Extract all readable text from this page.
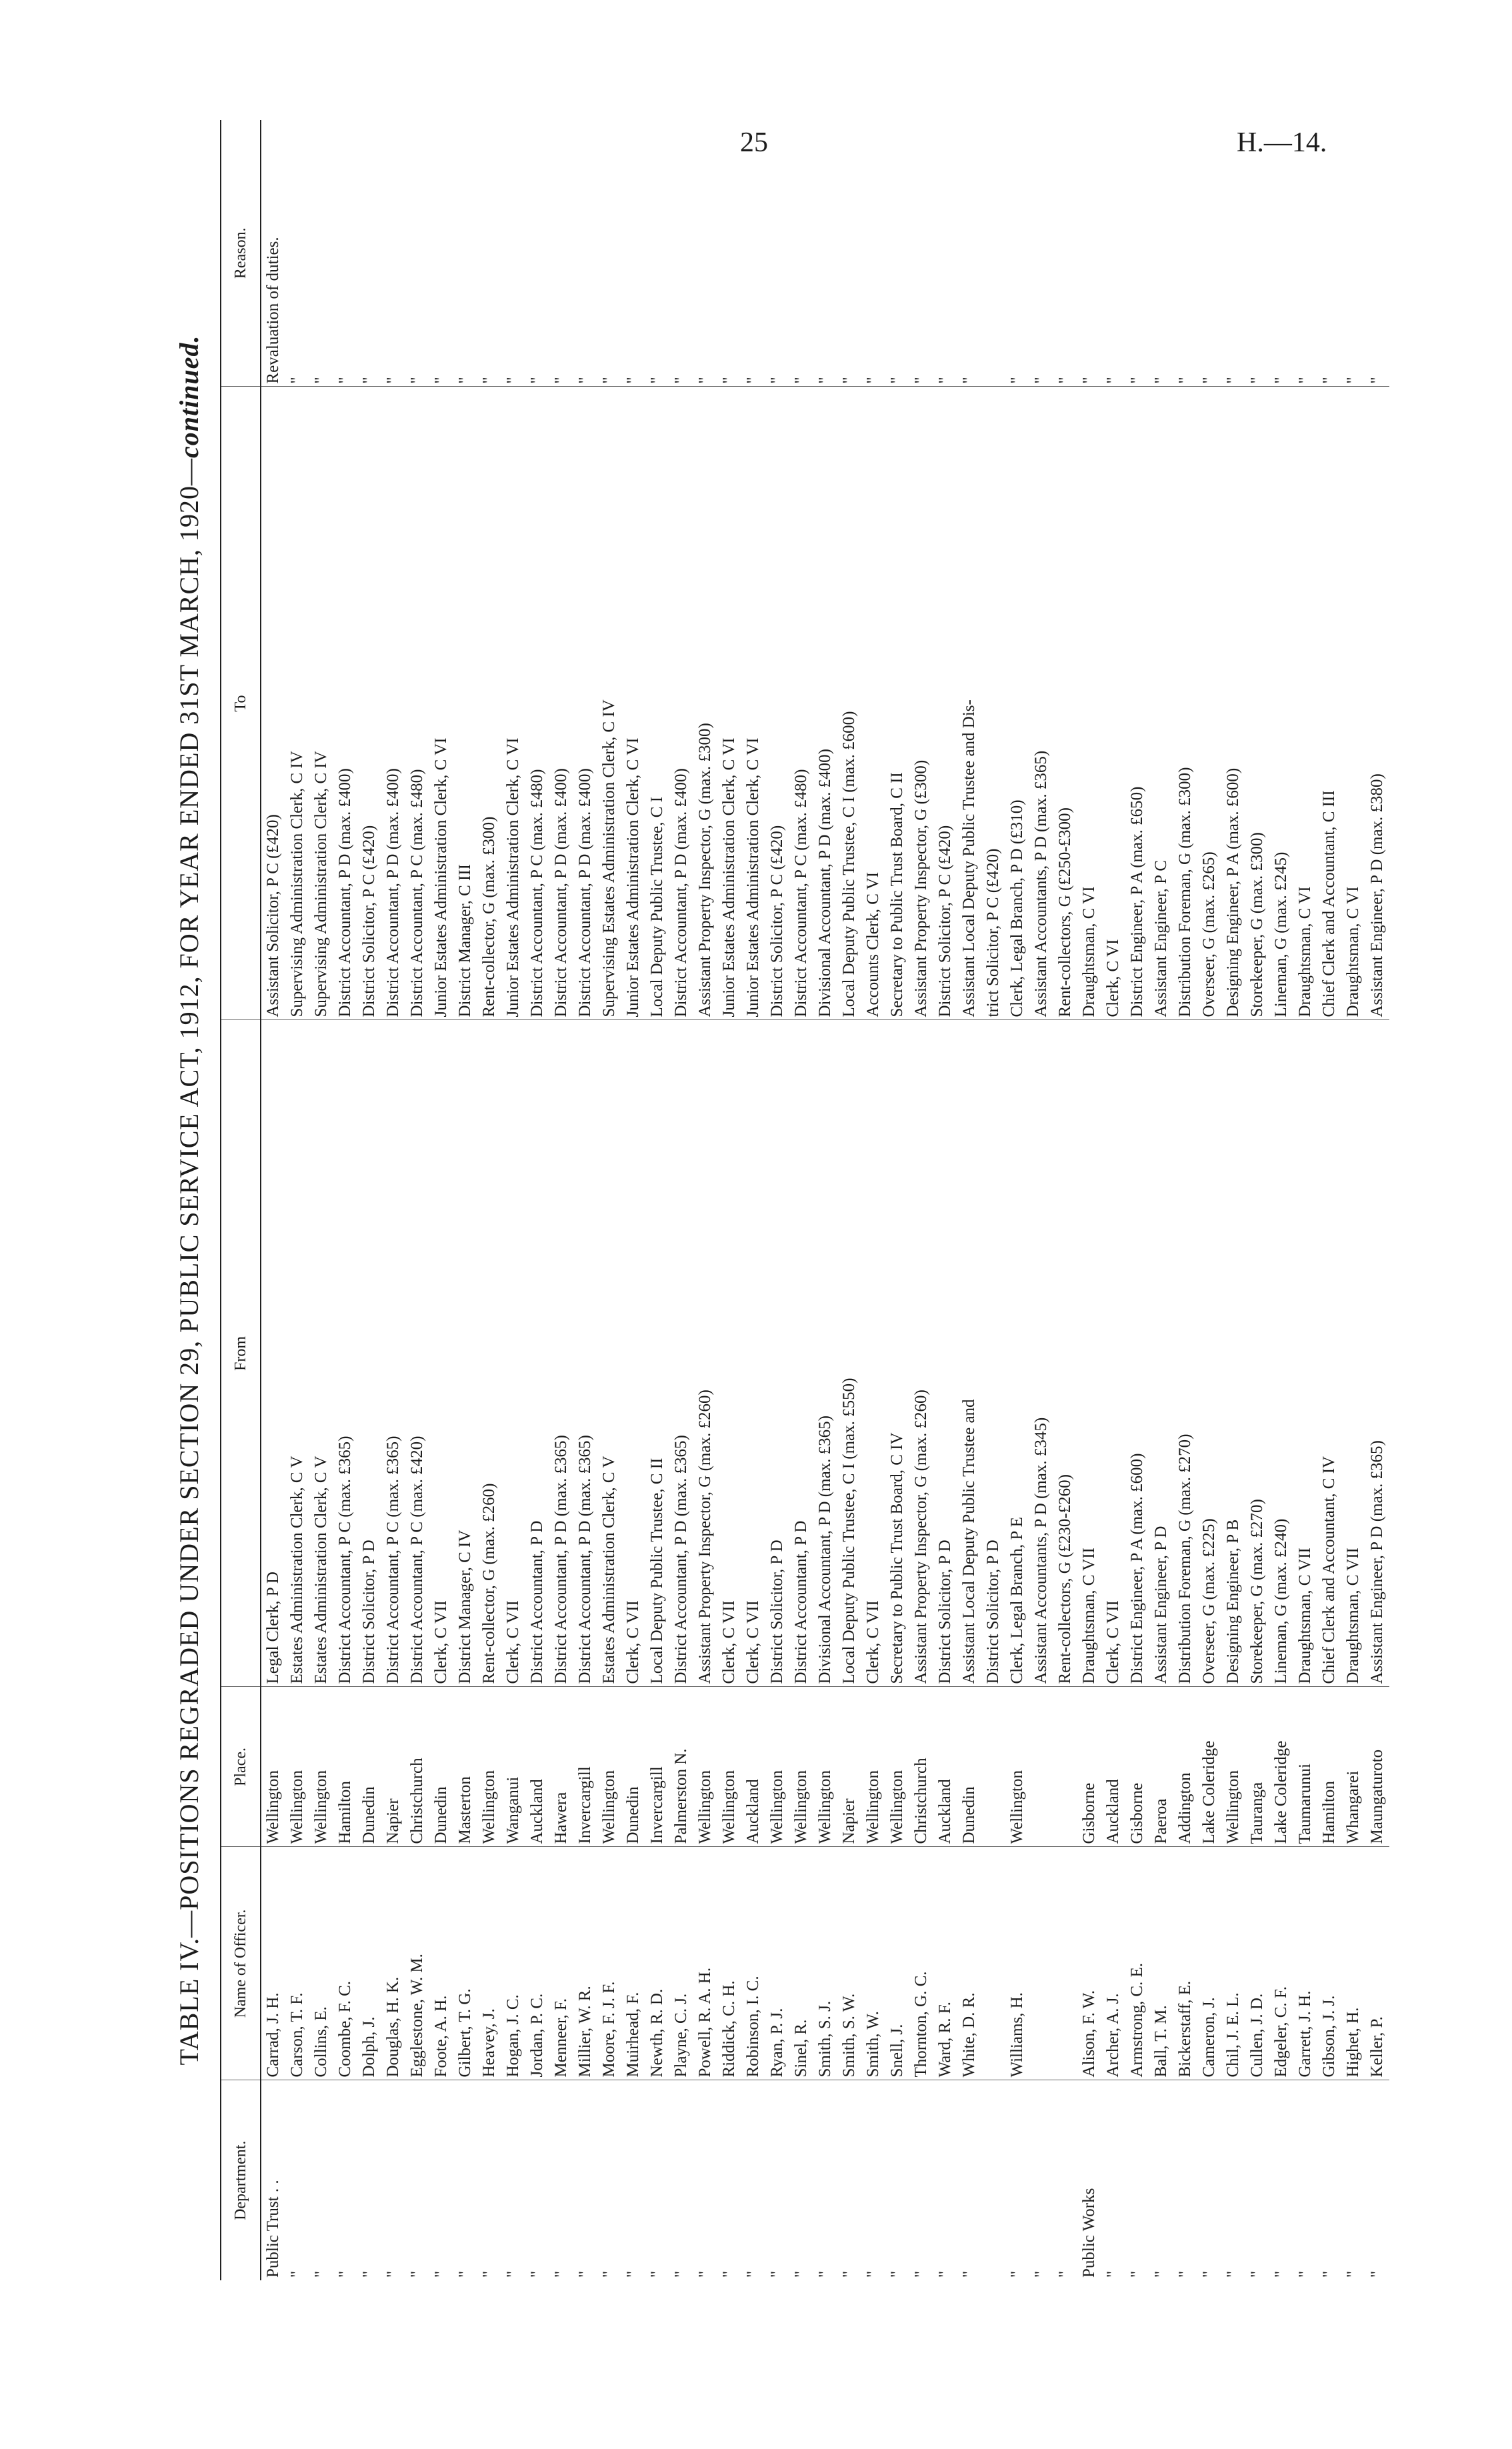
25	H.—14.
TABLE IV.—POSITIONS REGRADED UNDER SECTION 29, PUBLIC SERVICE ACT, 1912, FOR YEAR ENDED 31ST MARCH, 1920—continued.
Department.	Name of Officer.	Place.	From	To	Reason.
Public Trust . .	Carrad, J. H.	Wellington	Legal Clerk, P D	Assistant Solicitor, P C (£420)	Revaluation of duties.
"	Carson, T. F.	Wellington	Estates Administration Clerk, C V	Supervising Administration Clerk, C IV	"
"	Collins, E.	Wellington	Estates Administration Clerk, C V	Supervising Administration Clerk, C IV	"
"	Coombe, F. C.	Hamilton	District Accountant, P C (max. £365)	District Accountant, P D (max. £400)	"
"	Dolph, J.	Dunedin	District Solicitor, P D	District Solicitor, P C (£420)	"
"	Douglas, H. K.	Napier	District Accountant, P C (max. £365)	District Accountant, P D (max. £400)	"
"	Egglestone, W. M.	Christchurch	District Accountant, P C (max. £420)	District Accountant, P C (max. £480)	"
"	Foote, A. H.	Dunedin	Clerk, C VII	Junior Estates Administration Clerk, C VI	"
"	Gilbert, T. G.	Masterton	District Manager, C IV	District Manager, C III	"
"	Heavey, J.	Wellington	Rent-collector, G (max. £260)	Rent-collector, G (max. £300)	"
"	Hogan, J. C.	Wanganui	Clerk, C VII	Junior Estates Administration Clerk, C VI	"
"	Jordan, P. C.	Auckland	District Accountant, P D	District Accountant, P C (max. £480)	"
"	Menneer, F.	Hawera	District Accountant, P D (max. £365)	District Accountant, P D (max. £400)	"
"	Millier, W. R.	Invercargill	District Accountant, P D (max. £365)	District Accountant, P D (max. £400)	"
"	Moore, F. J. F.	Wellington	Estates Administration Clerk, C V	Supervising Estates Administration Clerk, C IV	"
"	Muirhead, F.	Dunedin	Clerk, C VII	Junior Estates Administration Clerk, C VI	"
"	Newth, R. D.	Invercargill	Local Deputy Public Trustee, C II	Local Deputy Public Trustee, C I	"
"	Playne, C. J.	Palmerston N.	District Accountant, P D (max. £365)	District Accountant, P D (max. £400)	"
"	Powell, R. A. H.	Wellington	Assistant Property Inspector, G (max. £260)	Assistant Property Inspector, G (max. £300)	"
"	Riddick, C. H.	Wellington	Clerk, C VII	Junior Estates Administration Clerk, C VI	"
"	Robinson, I. C.	Auckland	Clerk, C VII	Junior Estates Administration Clerk, C VI	"
"	Ryan, P. J.	Wellington	District Solicitor, P D	District Solicitor, P C (£420)	"
"	Sinel, R.	Wellington	District Accountant, P D	District Accountant, P C (max. £480)	"
"	Smith, S. J.	Wellington	Divisional Accountant, P D (max. £365)	Divisional Accountant, P D (max. £400)	"
"	Smith, S. W.	Napier	Local Deputy Public Trustee, C I (max. £550)	Local Deputy Public Trustee, C I (max. £600)	"
"	Smith, W.	Wellington	Clerk, C VII	Accounts Clerk, C VI	"
"	Snell, J.	Wellington	Secretary to Public Trust Board, C IV	Secretary to Public Trust Board, C II	"
"	Thornton, G. C.	Christchurch	Assistant Property Inspector, G (max. £260)	Assistant Property Inspector, G (£300)	"
"	Ward, R. F.	Auckland	District Solicitor, P D	District Solicitor, P C (£420)	"
"	White, D. R.	Dunedin	Assistant Local Deputy Public Trustee and	Assistant Local Deputy Public Trustee and Dis-	"
			District Solicitor, P D	trict Solicitor, P C (£420)	
"	Williams, H.	Wellington	Clerk, Legal Branch, P E	Clerk, Legal Branch, P D (£310)	"
"			Assistant Accountants, P D (max. £345)	Assistant Accountants, P D (max. £365)	"
"			Rent-collectors, G (£230-£260)	Rent-collectors, G (£250-£300)	"
Public Works	Alison, F. W.	Gisborne	Draughtsman, C VII	Draughtsman, C VI	"
"	Archer, A. J.	Auckland	Clerk, C VII	Clerk, C VI	"
"	Armstrong, C. E.	Gisborne	District Engineer, P A (max. £600)	District Engineer, P A (max. £650)	"
"	Ball, T. M.	Paeroa	Assistant Engineer, P D	Assistant Engineer, P C	"
"	Bickerstaff, E.	Addington	Distribution Foreman, G (max. £270)	Distribution Foreman, G (max. £300)	"
"	Cameron, J.	Lake Coleridge	Overseer, G (max. £225)	Overseer, G (max. £265)	"
"	Chil, J. E. L.	Wellington	Designing Engineer, P B	Designing Engineer, P A (max. £600)	"
"	Cullen, J. D.	Tauranga	Storekeeper, G (max. £270)	Storekeeper, G (max. £300)	"
"	Edgeler, C. F.	Lake Coleridge	Lineman, G (max. £240)	Lineman, G (max. £245)	"
"	Garrett, J. H.	Taumarunui	Draughtsman, C VII	Draughtsman, C VI	"
"	Gibson, J. J.	Hamilton	Chief Clerk and Accountant, C IV	Chief Clerk and Accountant, C III	"
"	Highet, H.	Whangarei	Draughtsman, C VII	Draughtsman, C VI	"
"	Keller, P.	Maungaturoto	Assistant Engineer, P D (max. £365)	Assistant Engineer, P D (max. £380)	"
